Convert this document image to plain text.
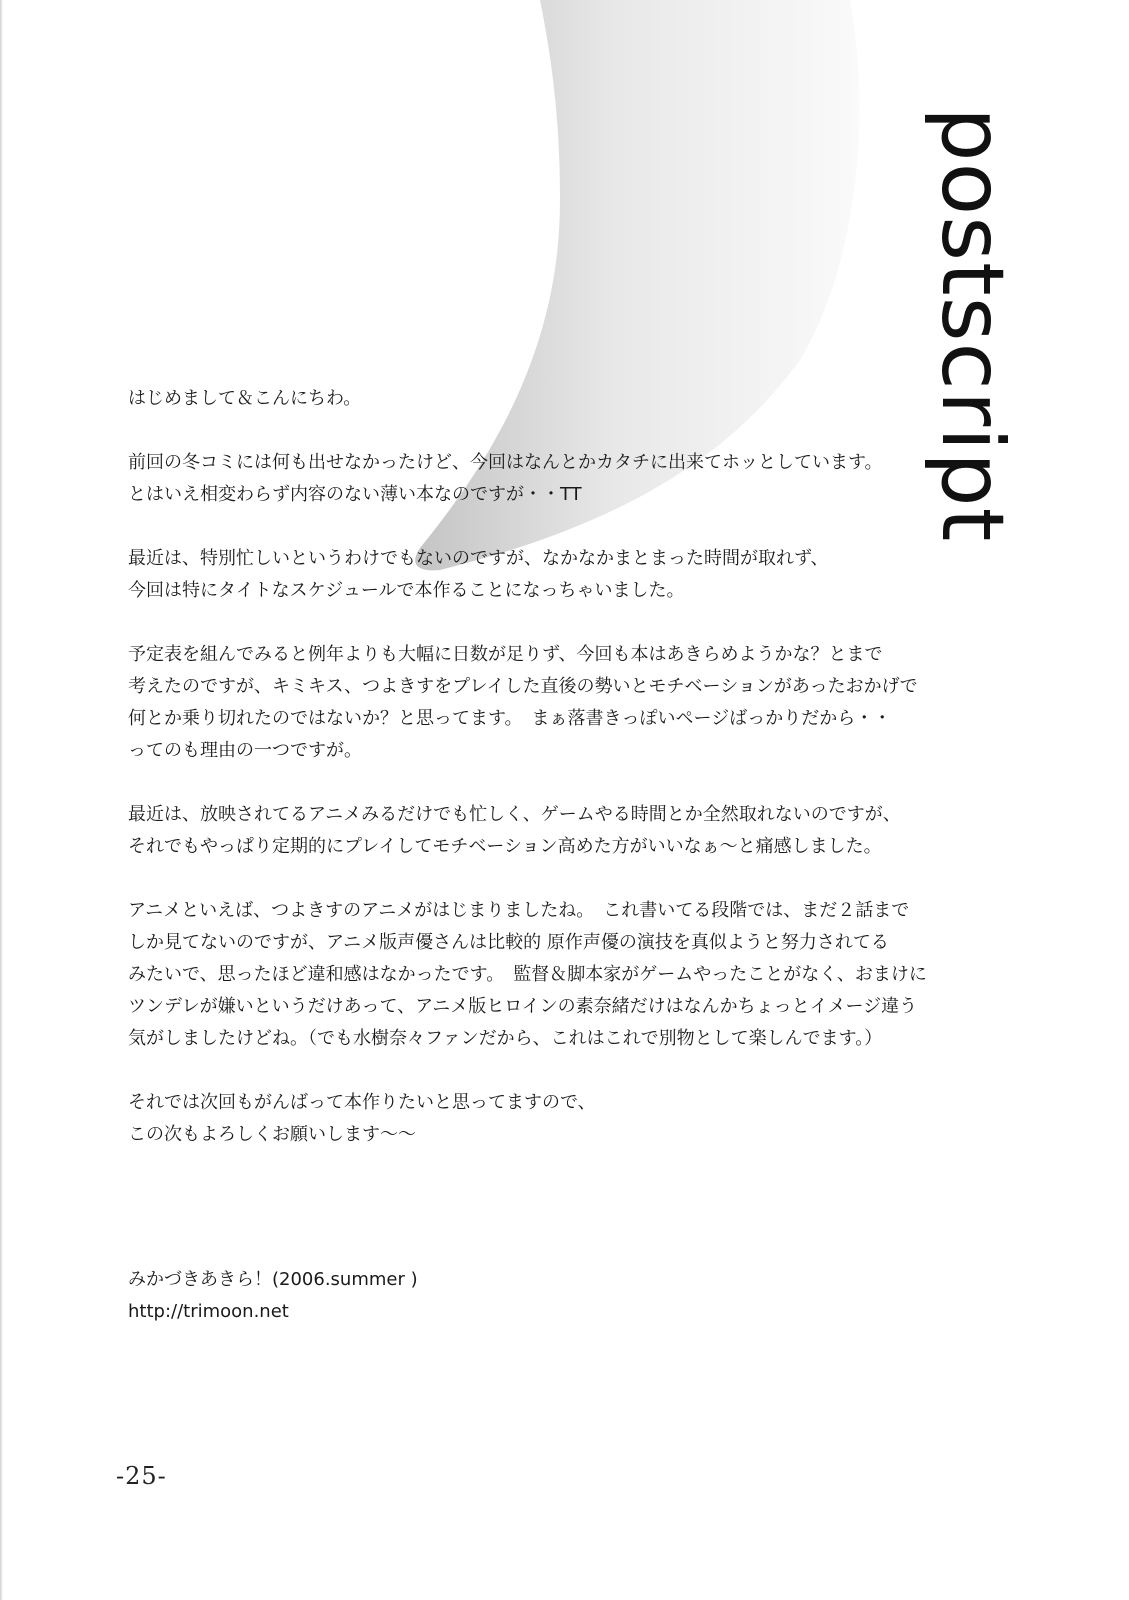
postscript

はじめまして＆こんにちわ。

前回の冬コミには何も出せなかったけど、今回はなんとかカタチに出来てホッとしています。
とはいえ相変わらず内容のない薄い本なのですが・・TT

最近は、特別忙しいというわけでもないのですが、なかなかまとまった時間が取れず、
今回は特にタイトなスケジュールで本作ることになっちゃいました。

予定表を組んでみると例年よりも大幅に日数が足りず、今回も本はあきらめようかな？とまで
考えたのですが、キミキス、つよきすをプレイした直後の勢いとモチベーションがあったおかげで
何とか乗り切れたのではないか？と思ってます。　まぁ落書きっぽいページばっかりだから・・
ってのも理由の一つですが。

最近は、放映されてるアニメみるだけでも忙しく、ゲームやる時間とか全然取れないのですが、
それでもやっぱり定期的にプレイしてモチベーション高めた方がいいなぁ～と痛感しました。

アニメといえば、つよきすのアニメがはじまりましたね。　これ書いてる段階では、まだ２話まで
しか見てないのですが、アニメ版声優さんは比較的 原作声優の演技を真似ようと努力されてる
みたいで、思ったほど違和感はなかったです。　監督＆脚本家がゲームやったことがなく、おまけに
ツンデレが嫌いというだけあって、アニメ版ヒロインの素奈緒だけはなんかちょっとイメージ違う
気がしましたけどね。（でも水樹奈々ファンだから、これはこれで別物として楽しんでます。）

それでは次回もがんばって本作りたいと思ってますので、
この次もよろしくお願いします～～

みかづきあきら！(2006.summer )
http://trimoon.net
-25-
